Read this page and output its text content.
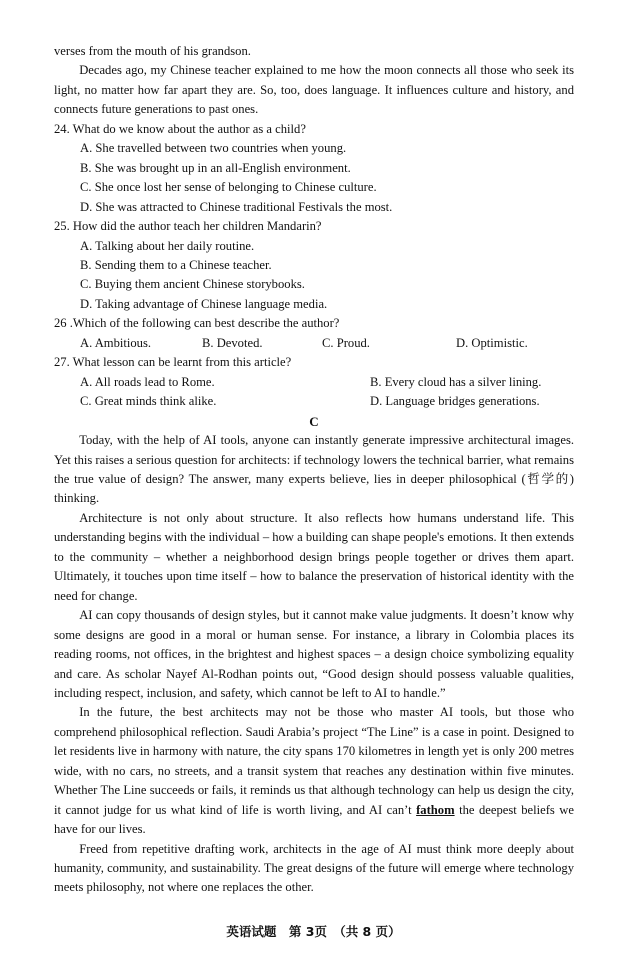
verses from the mouth of his grandson.

Decades ago, my Chinese teacher explained to me how the moon connects all those who seek its light, no matter how far apart they are. So, too, does language. It influences culture and history, and connects future generations to past ones.

24. What do we know about the author as a child?
A. She travelled between two countries when young.
B. She was brought up in an all-English environment.
C. She once lost her sense of belonging to Chinese culture.
D. She was attracted to Chinese traditional Festivals the most.
25. How did the author teach her children Mandarin?
A. Talking about her daily routine.
B. Sending them to a Chinese teacher.
C. Buying them ancient Chinese storybooks.
D. Taking advantage of Chinese language media.
26 .Which of the following can best describe the author?
A. Ambitious.	B. Devoted.	C. Proud.	D. Optimistic.
27. What lesson can be learnt from this article?
A. All roads lead to Rome.	B. Every cloud has a silver lining.
C. Great minds think alike.	D. Language bridges generations.
C

Today, with the help of AI tools, anyone can instantly generate impressive architectural images. Yet this raises a serious question for architects: if technology lowers the technical barrier, what remains the true value of design? The answer, many experts believe, lies in deeper philosophical (哲学的) thinking.

Architecture is not only about structure. It also reflects how humans understand life. This understanding begins with the individual – how a building can shape people's emotions. It then extends to the community – whether a neighborhood design brings people together or drives them apart. Ultimately, it touches upon time itself – how to balance the preservation of historical identity with the need for change.

AI can copy thousands of design styles, but it cannot make value judgments. It doesn’t know why some designs are good in a moral or human sense. For instance, a library in Colombia places its reading rooms, not offices, in the brightest and highest spaces – a design choice symbolizing equality and care. As scholar Nayef Al-Rodhan points out, “Good design should possess valuable qualities, including respect, inclusion, and safety, which cannot be left to AI to handle.”

In the future, the best architects may not be those who master AI tools, but those who comprehend philosophical reflection. Saudi Arabia’s project “The Line” is a case in point. Designed to let residents live in harmony with nature, the city spans 170 kilometres in length yet is only 200 metres wide, with no cars, no streets, and a transit system that reaches any destination within five minutes. Whether The Line succeeds or fails, it reminds us that although technology can help us design the city, it cannot judge for us what kind of life is worth living, and AI can’t fathom the deepest beliefs we have for our lives.

Freed from repetitive drafting work, architects in the age of AI must think more deeply about humanity, community, and sustainability. The great designs of the future will emerge where technology meets philosophy, not where one replaces the other.

英语试题　第 3页　（共 8 页）
